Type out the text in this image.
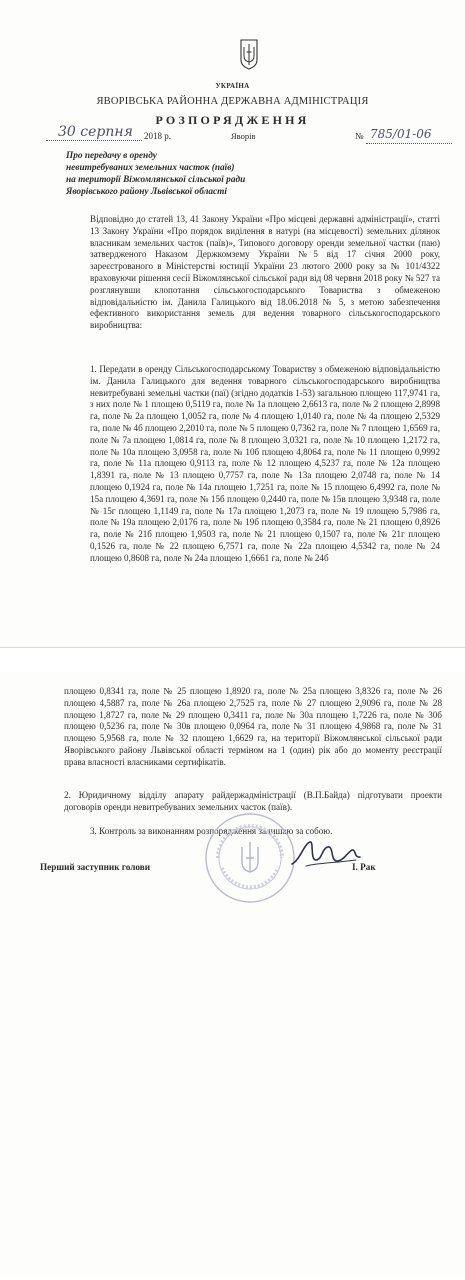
УКРАЇНА
ЯВОРІВСЬКА РАЙОННА ДЕРЖАВНА АДМІНІСТРАЦІЯ
РОЗПОРЯДЖЕННЯ
30 серпня 2018 р.	Яворів	№ 785/01-06
Про передачу в оренду
невитребуваних земельних часток (паїв)
на території Віжомлянської сільської ради
Яворівського району Львівської області
Відповідно до статей 13, 41 Закону України «Про місцеві державні адміністрації», статті 13 Закону України «Про порядок виділення в натурі (на місцевості) земельних ділянок власникам земельних часток (паїв)», Типового договору оренди земельної частки (паю) затвердженого Наказом Держкомзему України №5 від 17 січня 2000 року, зареєстрованого в Міністерстві юстиції України 23 лютого 2000 року за № 101/4322 враховуючи рішення сесії Віжомлянської сільської ради від 08 червня 2018 року № 527 та розглянувши клопотання сільськогосподарського Товариства з обмеженою відповідальністю ім. Данила Галицького від 18.06.2018 № 5, з метою забезпечення ефективного використання земель для ведення товарного сільськогосподарського виробництва:
1. Передати в оренду Сільськогосподарському Товариству з обмеженою відповідальністю ім. Данила Галицького для ведення товарного сільськогосподарського виробництва невитребувані земельні частки (паї) (згідно додатків 1-53) загальною площею 117,9741 га, з них поле № 1 площею 0,5119 га, поле № 1а площею 2,6613 га, поле № 2 площею 2,8998 га, поле № 2а площею 1,0052 га, поле № 4 площею 1,0140 га, поле № 4а площею 2,5329 га, поле № 4б площею 2,2010 га, поле № 5 площею 0,7362 га, поле № 7 площею 1,6569 га, поле № 7а площею 1,0814 га, поле № 8 площею 3,0321 га, поле № 10 площею 1,2172 га, поле № 10а площею 3,0958 га, поле № 10б площею 4,8064 га, поле № 11 площею 0,9992 га, поле № 11а площею 0,9113 га, поле № 12 площею 4,5237 га, поле № 12а площею 1,8391 га, поле № 13 площею 0,7757 га, поле № 13а площею 2,0748 га, поле № 14 площею 0,1924 га, поле № 14а площею 1,7251 га, поле № 15 площею 6,4992 га, поле № 15а площею 4,3691 га, поле № 15б площею 0,2440 га, поле № 15в площею 3,9348 га, поле № 15г площею 1,1149 га, поле № 17а площею 1,2073 га, поле № 19 площею 5,7986 га, поле № 19а площею 2,0176 га, поле № 19б площею 0,3584 га, поле № 21 площею 0,8926 га, поле № 21б площею 1,9503 га, поле № 21 площею 0,1507 га, поле № 21г площею 0,1526 га, поле № 22 площею 6,7571 га, поле № 22а площею 4,5342 га, поле № 24 площею 0,8608 га, поле № 24а площею 1,6661 га, поле № 24б
площею 0,8341 га, поле № 25 площею 1,8920 га, поле № 25а площею 3,8326 га, поле № 26 площею 4,5887 га, поле № 26а площею 2,7525 га, поле № 27 площею 2,9096 га, поле № 28 площею 1,8727 га, поле № 29 площею 0,3411 га, поле № 30а площею 1,7226 га, поле № 30б площею 0,5236 га, поле № 30в площею 0,0964 га, поле № 31 площею 4,9868 га, поле № 31 площею 5,9568 га, поле № 32 площею 1,6629 га, на території Віжомлянської сільської ради Яворівського району Львівської області терміном на 1 (один) рік або до моменту реєстрації права власності власниками сертифікатів.
2. Юридичному відділу апарату райдержадміністрації (В.П.Байда) підготувати проекти договорів оренди невитребуваних земельних часток (паїв).
3. Контроль за виконанням розпорядження залишаю за собою.
Перший заступник голови	І. Рак
